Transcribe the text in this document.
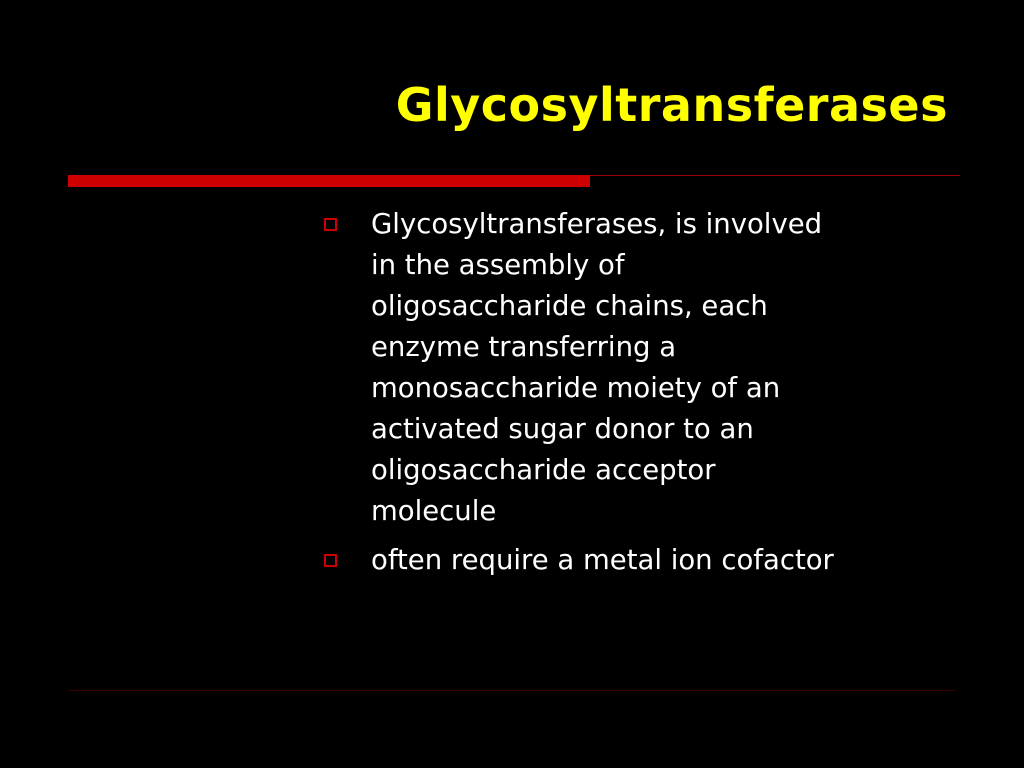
Glycosyltransferases
Glycosyltransferases, is involved
in the assembly of
oligosaccharide chains, each
enzyme transferring a
monosaccharide moiety of an
activated sugar donor to an
oligosaccharide acceptor
molecule
often require a metal ion cofactor
